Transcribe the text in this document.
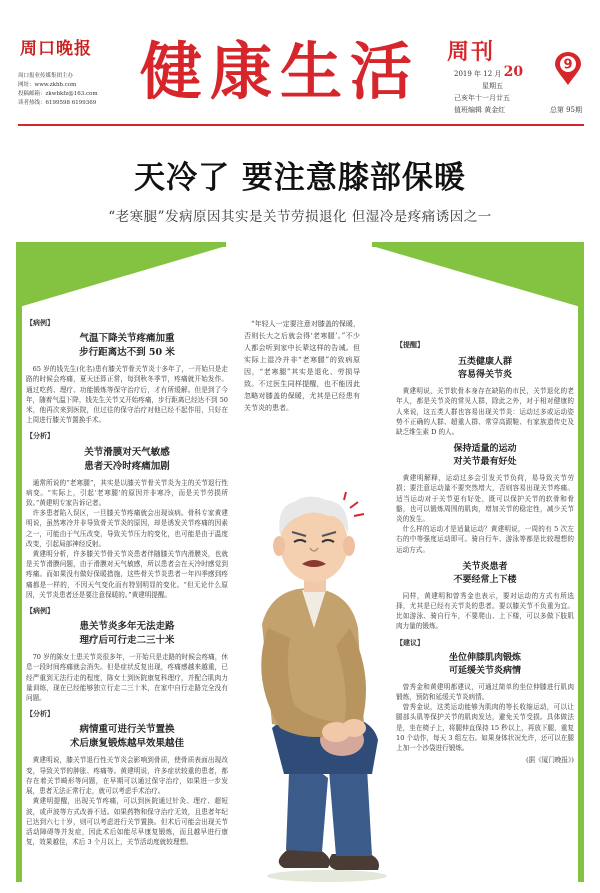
周口晚报
周口报业传媒集团主办
网址：www.zkhb.com
投稿邮箱：zkwbkfz@163.com
读者热线：6199598 6199369 健康生活 周刊	9
2019 年 12 月 20
星期五
己亥年十一月廿五
值班编辑 黄金红	总第 95期
天冷了 要注意膝部保暖
“老寒腿”发病原因其实是关节劳损退化 但湿冷是疼痛诱因之一
【病例】
气温下降关节疼痛加重
步行距离达不到 50 米

65 岁的钱先生(化名)患有膝关节骨关节炎十多年了，一开始只是走路的时候会疼痛，夏天还算正常，每到秋冬季节，疼痛就开始发作。通过吃药、理疗、功能锻炼等保守治疗后，才有所缓解。但是到了今年，随着气温下降，钱先生关节又开始疼痛，步行距离已经达不到 50 米，他再次来到医院，但过往的保守治疗对他已经不起作用，只好在上周进行膝关节置换手术。

【分析】
关节滑膜对天气敏感
患者天冷时疼痛加剧

通常所说的“老寒腿”，其实是以膝关节骨关节炎为主的关节退行性病变。“实际上，引起‘老寒腿’的原因并非寒冷，而是关节劳损所致。”黄建明专家告诉记者。

许多患者陷入误区，一旦膝关节疼痛就会出现该病。骨科专家黄建明说，虽然寒冷并非导致骨关节炎的原因，却是诱发关节疼痛的因素之一，可能由于气压改变，导致关节压力的变化，也可能是由于温度改变，引起局部神经反射。

黄建明分析，许多膝关节骨关节炎患者伴随膝关节内滑膜炎，也就是关节滑膜问题，由于滑膜对天气敏感，所以患者会在天冷时感觉到疼痛。而如果没有做好保暖措施，这些骨关节炎患者一年四季感到疼痛都是一样的，不因天气变化而有特别明显的变化。“但无论什么原因，关节炎患者还是要注意保暖的。”黄建明提醒。

【病例】
患关节炎多年无法走路
理疗后可行走二三十米

70 岁的陈女士患关节炎很多年，一开始只是走路的时候会疼痛，休息一段时间疼痛就会消失。但是症状反复出现，疼痛感越来越重，已经严重到无法行走的程度，陈女士到医院康复科理疗，并配合肌肉力量训练，现在已经能够独立行走二三十米，在家中自行走路完全没有问题。

【分析】
病情重可进行关节置换
术后康复锻炼越早效果越佳

黄建明说，膝关节退行性关节炎会影响到骨质，使骨质表面出现改变，导致关节的肿胀、疼痛等。黄建明说，许多症状较重的患者，都存在着关节畸形等问题，在早期可以通过保守治疗，如果进一步发展，患者无法正常行走，就可以考虑手术治疗。

黄建明提醒，出现关节疼痛，可以到医院通过针灸、理疗、超短波，或声波等方式改善不适。如果药物和保守治疗无效，且患者年纪已达到六七十岁，则可以考虑进行关节置换。但术后可能会出现关节活动障碍等并发症，因此术后如能尽早康复锻炼，而且越早进行康复，效果越佳，术后 3 个月以上，关节活动度就较理想。

“年轻人一定要注意对膝盖的保暖，否则长大之后就会得‘老寒腿’。”不少人都会听到家中长辈这样的告诫。但实际上湿冷并非“老寒腿”的致病原因，“老寒腿”其实是退化、劳损导致。不过医生同样提醒，也不能因此忽略对膝盖的保暖，尤其是已经患有关节炎的患者。

【提醒】
五类健康人群
容易得关节炎

黄建明说，关节软骨本身存在缺陷的市民，关节退化的老年人，都是关节炎的常见人群，除此之外，对于相对健康的人来说，这五类人群也容易出现关节炎：运动过多或运动姿势不正确的人群、超重人群、常穿高跟鞋、有家族遗传史及缺乏维生素 D 的人。

保持适量的运动
对关节最有好处

黄建明解释，运动过多会引发关节负荷，易导致关节劳损；要注意运动量不要突然增大，否则容易出现关节疼痛。适当运动对于关节更有好处，既可以保护关节的软骨和骨骼，也可以锻炼周围的肌肉，增加关节的稳定性，减少关节炎的发生。

什么样的运动才是适量运动？黄建明说，一周的有 5 次左右的中等强度运动即可。骑自行车、游泳等都是比较理想的运动方式。

关节炎患者
不要经常上下楼

同样，黄建明和曾秀金也表示，要对运动的方式有所选择，尤其是已经有关节炎的患者。要以膝关节不负重为宜。比如游泳、骑自行车，不要爬山、上下楼，可以多做下肢肌肉力量的锻炼。

【建议】
坐位伸膝肌肉锻炼
可延缓关节炎病情

曾秀金和黄建明都建议，可通过简单的坐位伸膝进行肌肉锻炼，预防和延缓关节炎病情。

曾秀金说，这类运动能够为肌肉的等长收缩运动，可以让腿部头肌等保护关节的肌肉发达，避免关节受损。具体做法是，坐在椅子上，将腿伸直保持 15 秒以上，再放下腿，重复 10 个动作，每天 3 组左右。如果身体状况允许，还可以在腿上加一个沙袋进行锻炼。

(据《厦门晚报》)
